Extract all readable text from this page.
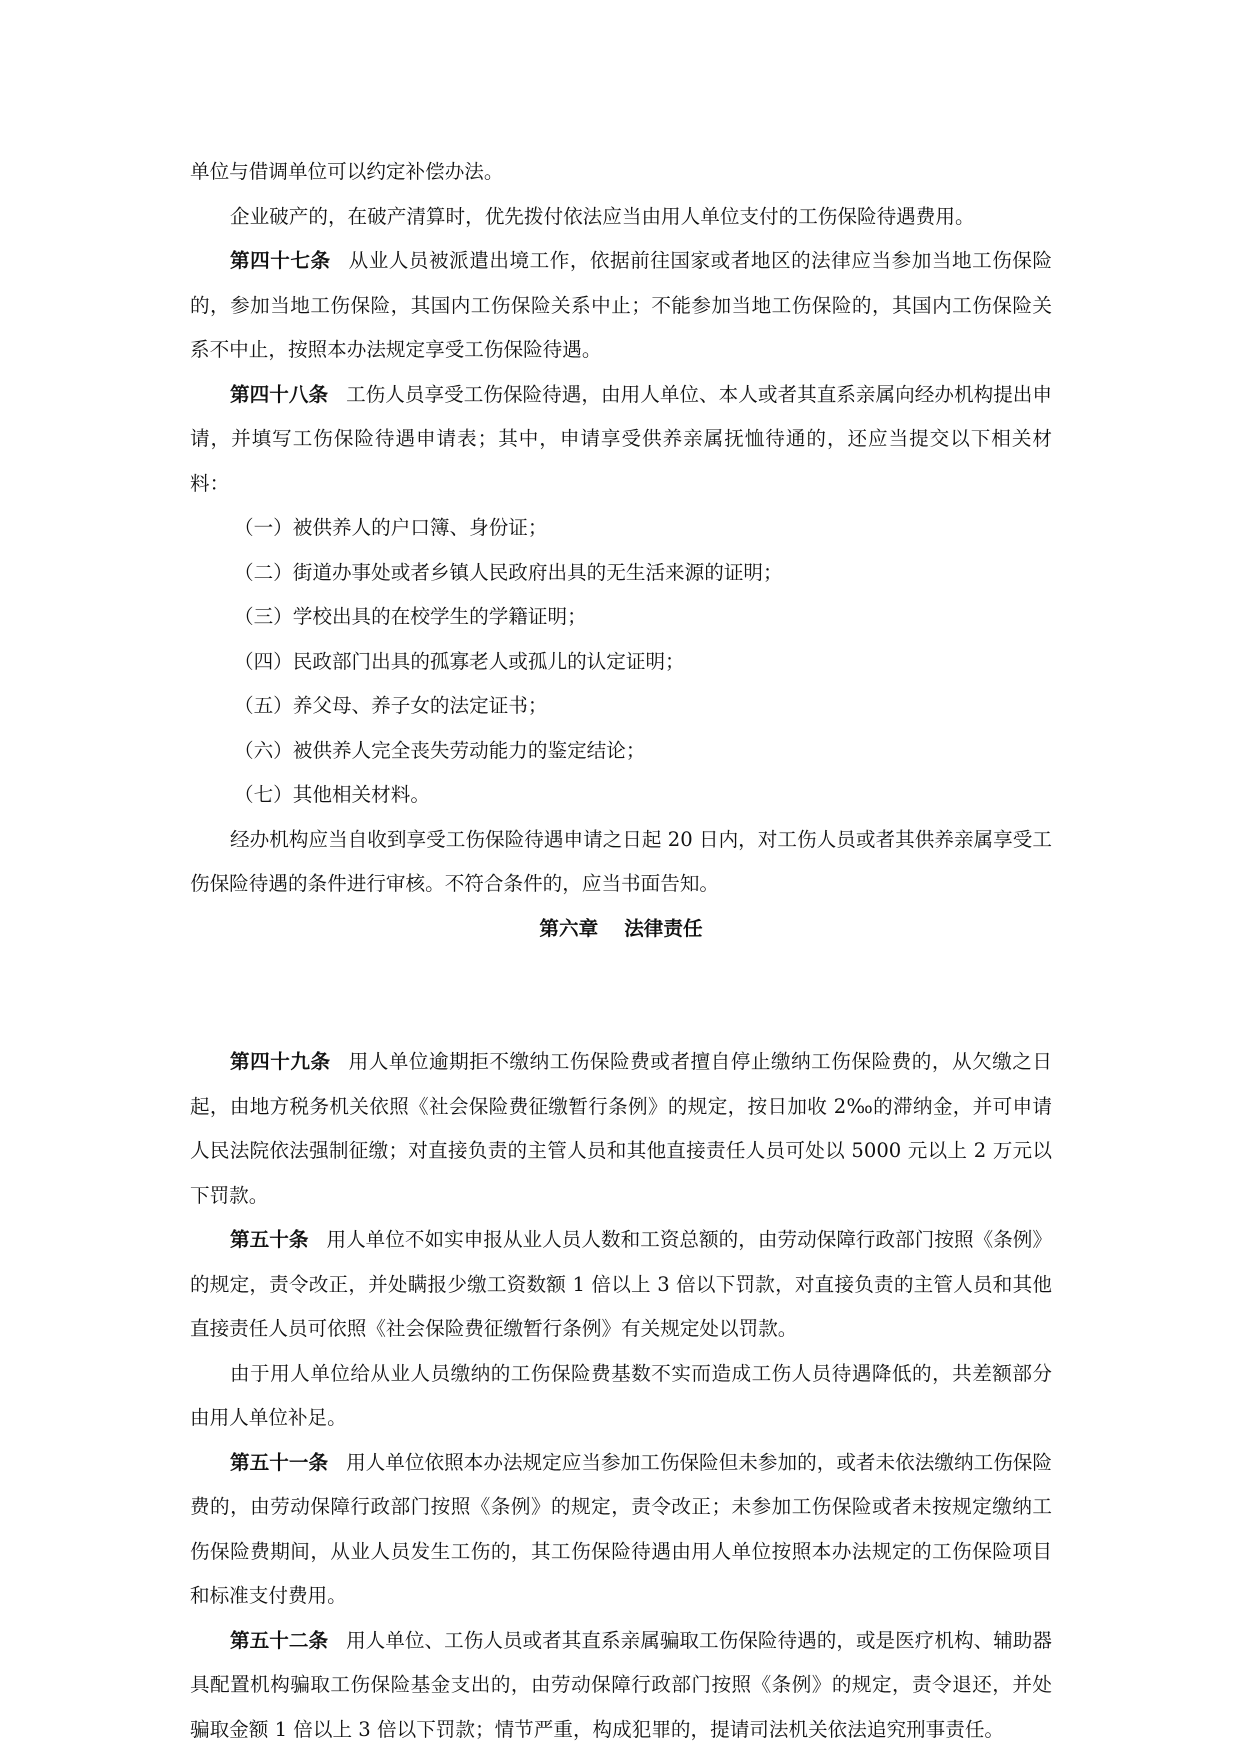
单位与借调单位可以约定补偿办法。

企业破产的，在破产清算时，优先拨付依法应当由用人单位支付的工伤保险待遇费用。

第四十七条 从业人员被派遣出境工作，依据前往国家或者地区的法律应当参加当地工伤保险的，参加当地工伤保险，其国内工伤保险关系中止；不能参加当地工伤保险的，其国内工伤保险关系不中止，按照本办法规定享受工伤保险待遇。

第四十八条 工伤人员享受工伤保险待遇，由用人单位、本人或者其直系亲属向经办机构提出申请，并填写工伤保险待遇申请表；其中，申请享受供养亲属抚恤待通的，还应当提交以下相关材料：

（一）被供养人的户口簿、身份证；

（二）街道办事处或者乡镇人民政府出具的无生活来源的证明；

（三）学校出具的在校学生的学籍证明；

（四）民政部门出具的孤寡老人或孤儿的认定证明；

（五）养父母、养子女的法定证书；

（六）被供养人完全丧失劳动能力的鉴定结论；

（七）其他相关材料。

经办机构应当自收到享受工伤保险待遇申请之日起 20 日内，对工伤人员或者其供养亲属享受工伤保险待遇的条件进行审核。不符合条件的，应当书面告知。

第六章 法律责任

第四十九条 用人单位逾期拒不缴纳工伤保险费或者擅自停止缴纳工伤保险费的，从欠缴之日起，由地方税务机关依照《社会保险费征缴暂行条例》的规定，按日加收 2‰的滞纳金，并可申请人民法院依法强制征缴；对直接负责的主管人员和其他直接责任人员可处以 5000 元以上 2 万元以下罚款。

第五十条 用人单位不如实申报从业人员人数和工资总额的，由劳动保障行政部门按照《条例》的规定，责令改正，并处瞒报少缴工资数额 1 倍以上 3 倍以下罚款，对直接负责的主管人员和其他直接责任人员可依照《社会保险费征缴暂行条例》有关规定处以罚款。

由于用人单位给从业人员缴纳的工伤保险费基数不实而造成工伤人员待遇降低的，共差额部分由用人单位补足。

第五十一条 用人单位依照本办法规定应当参加工伤保险但未参加的，或者未依法缴纳工伤保险费的，由劳动保障行政部门按照《条例》的规定，责令改正；未参加工伤保险或者未按规定缴纳工伤保险费期间，从业人员发生工伤的，其工伤保险待遇由用人单位按照本办法规定的工伤保险项目和标准支付费用。

第五十二条 用人单位、工伤人员或者其直系亲属骗取工伤保险待遇的，或是医疗机构、辅助器具配置机构骗取工伤保险基金支出的，由劳动保障行政部门按照《条例》的规定，责令退还，并处骗取金额 1 倍以上 3 倍以下罚款；情节严重，构成犯罪的，提请司法机关依法追究刑事责任。
